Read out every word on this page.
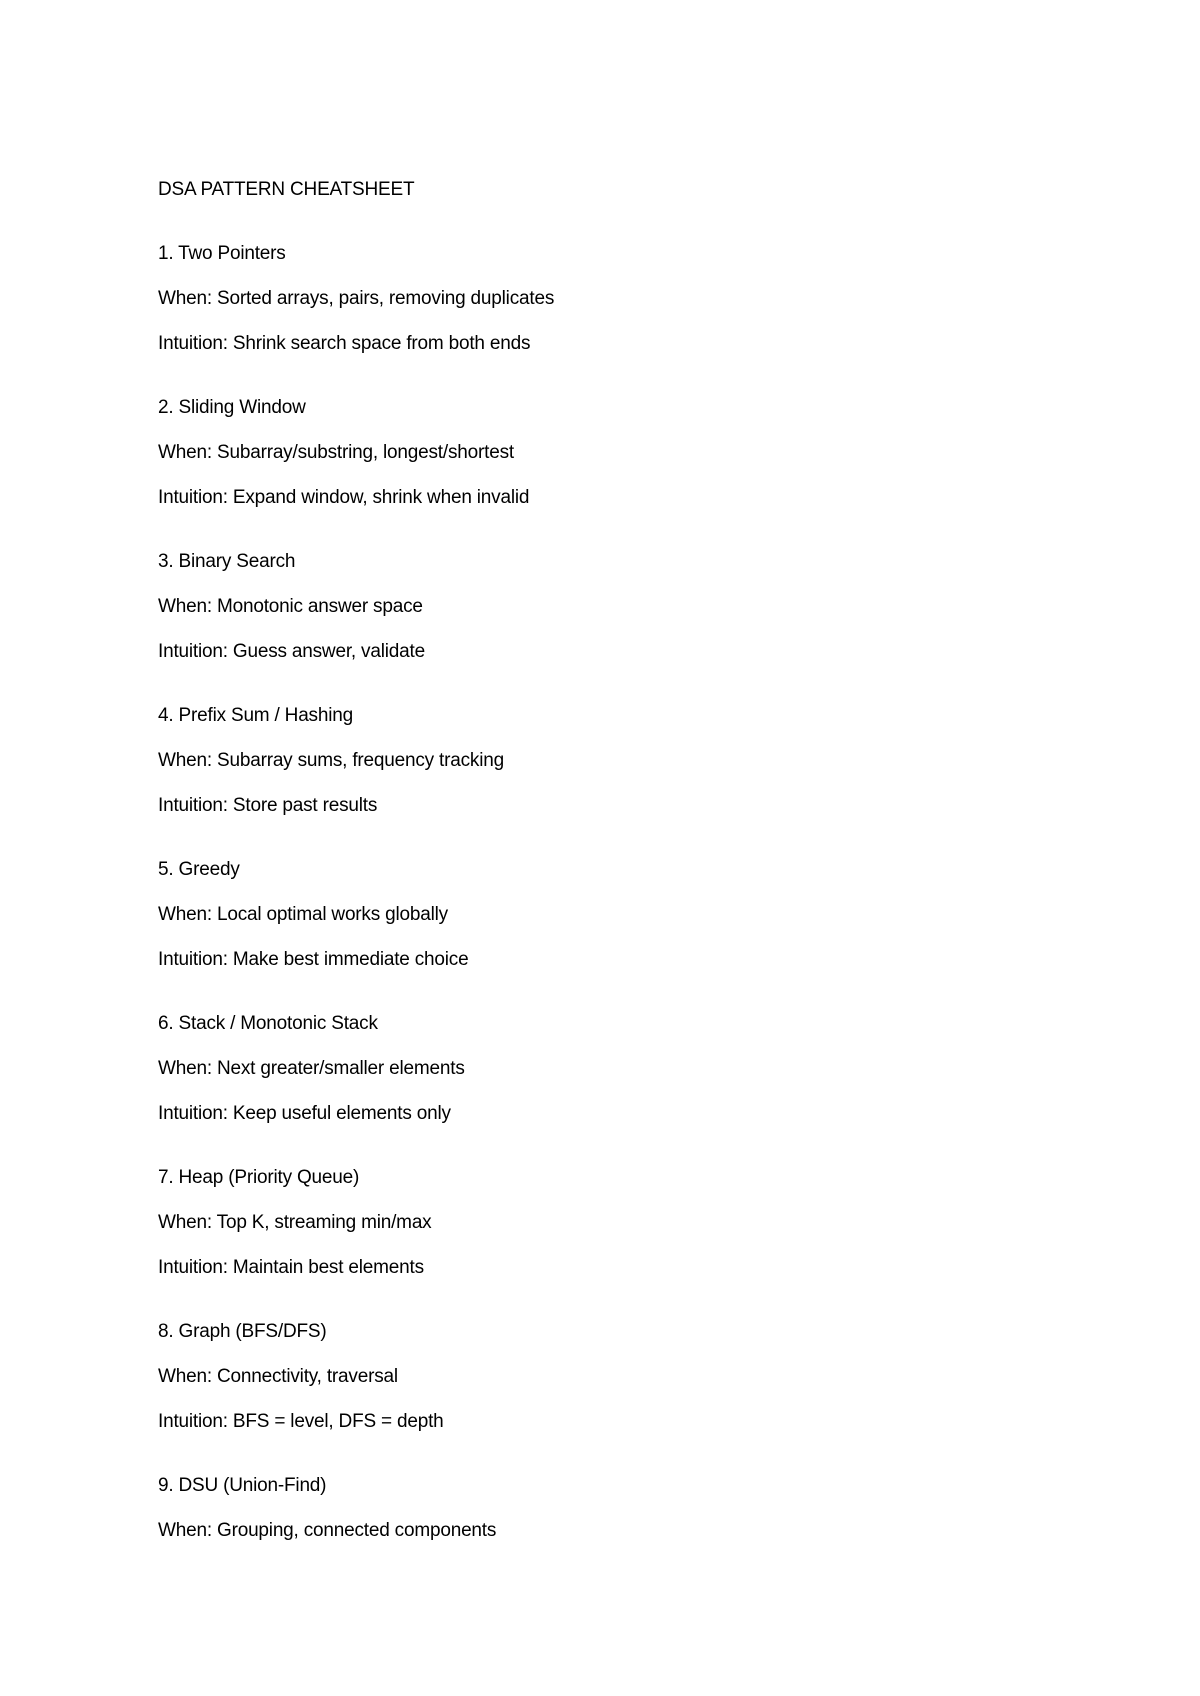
DSA PATTERN CHEATSHEET
1. Two Pointers
When: Sorted arrays, pairs, removing duplicates
Intuition: Shrink search space from both ends
2. Sliding Window
When: Subarray/substring, longest/shortest
Intuition: Expand window, shrink when invalid
3. Binary Search
When: Monotonic answer space
Intuition: Guess answer, validate
4. Prefix Sum / Hashing
When: Subarray sums, frequency tracking
Intuition: Store past results
5. Greedy
When: Local optimal works globally
Intuition: Make best immediate choice
6. Stack / Monotonic Stack
When: Next greater/smaller elements
Intuition: Keep useful elements only
7. Heap (Priority Queue)
When: Top K, streaming min/max
Intuition: Maintain best elements
8. Graph (BFS/DFS)
When: Connectivity, traversal
Intuition: BFS = level, DFS = depth
9. DSU (Union-Find)
When: Grouping, connected components
